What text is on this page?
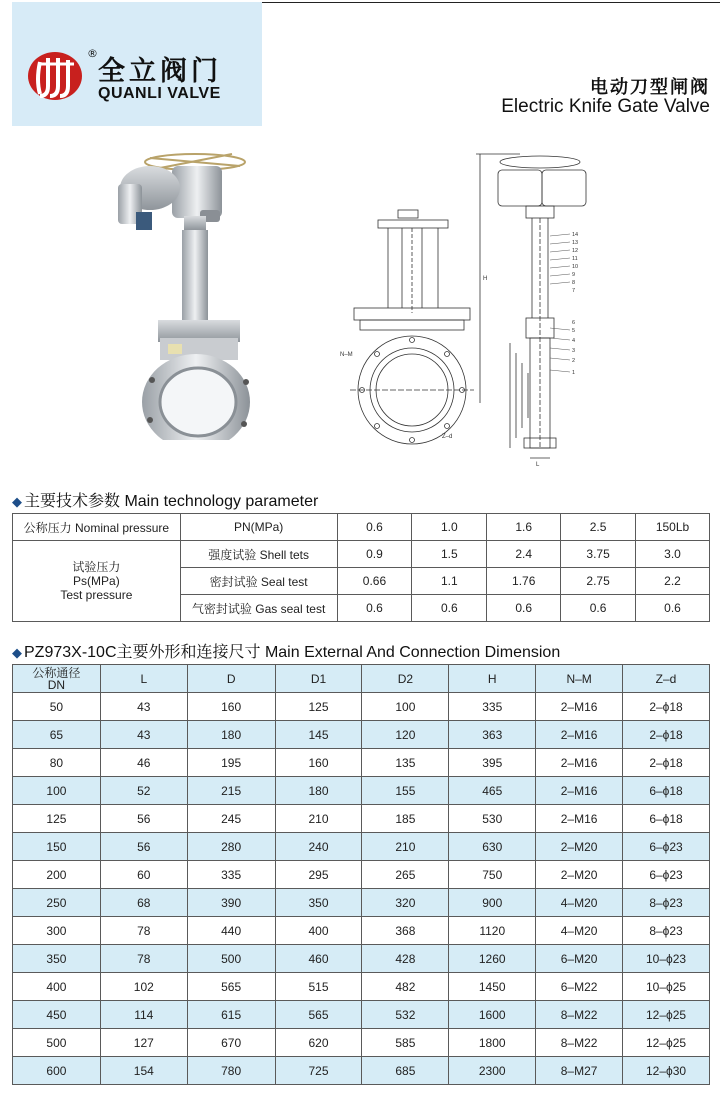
®
全立阀门
QUANLI VALVE	电动刀型闸阀
Electric Knife Gate Valve
N–M
Z–d
H
L
14
13
12
11
10
9
8
7
6
5
4
3
2
1
◆ 主要技术参数 Main technology parameter
公称压力 Nominal pressure	PN(MPa)	0.6	1.0	1.6	2.5	150Lb

试验压力
Ps(MPa)
Test pressure	强度试验 Shell tets	0.9	1.5	2.4	3.75	3.0
	密封试验 Seal test	0.66	1.1	1.76	2.75	2.2
	气密封试验 Gas seal test	0.6	0.6	0.6	0.6	0.6
◆ PZ973X-10C主要外形和连接尺寸 Main External And Connection Dimension
公称通径
DN	L	D	D1	D2	H	N–M	Z–d
50	43	160	125	100	335	2–M16	2–ϕ18
65	43	180	145	120	363	2–M16	2–ϕ18
80	46	195	160	135	395	2–M16	2–ϕ18
100	52	215	180	155	465	2–M16	6–ϕ18
125	56	245	210	185	530	2–M16	6–ϕ18
150	56	280	240	210	630	2–M20	6–ϕ23
200	60	335	295	265	750	2–M20	6–ϕ23
250	68	390	350	320	900	4–M20	8–ϕ23
300	78	440	400	368	1120	4–M20	8–ϕ23
350	78	500	460	428	1260	6–M20	10–ϕ23
400	102	565	515	482	1450	6–M22	10–ϕ25
450	114	615	565	532	1600	8–M22	12–ϕ25
500	127	670	620	585	1800	8–M22	12–ϕ25
600	154	780	725	685	2300	8–M27	12–ϕ30
